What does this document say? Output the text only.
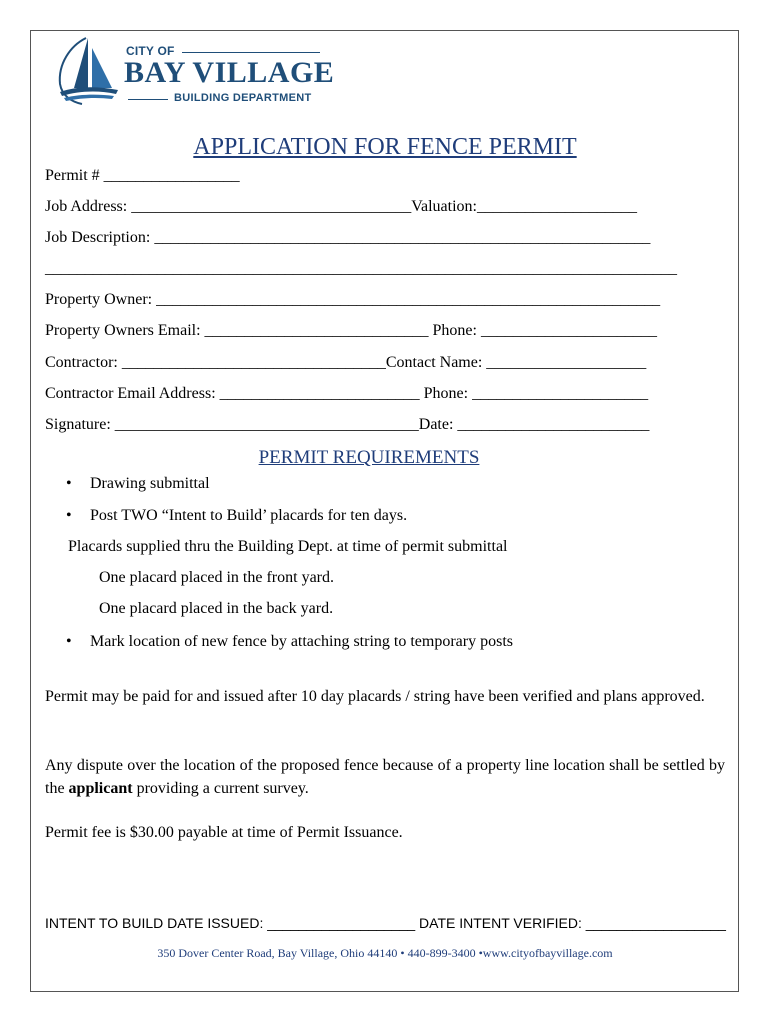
CITY OF
BAY VILLAGE
BUILDING DEPARTMENT
APPLICATION FOR FENCE PERMIT
Permit # _________________
Job Address: ___________________________________Valuation:____________________
Job Description: ______________________________________________________________
_______________________________________________________________________________
Property Owner: _______________________________________________________________
Property Owners Email: ____________________________ Phone: ______________________
Contractor: _________________________________Contact Name: ____________________
Contractor Email Address: _________________________ Phone: ______________________
Signature: ______________________________________Date: ________________________
PERMIT REQUIREMENTS
• Drawing submittal
• Post TWO “Intent to Build’ placards for ten days.
Placards supplied thru the Building Dept. at time of permit submittal
One placard placed in the front yard.
One placard placed in the back yard.
• Mark location of new fence by attaching string to temporary posts
Permit may be paid for and issued after 10 day placards / string have been verified and plans approved.
Any dispute over the location of the proposed fence because of a property line location shall be settled by the applicant providing a current survey.
Permit fee is $30.00 payable at time of Permit Issuance.
INTENT TO BUILD DATE ISSUED: ___________________ DATE INTENT VERIFIED: __________________
350 Dover Center Road, Bay Village, Ohio 44140 • 440-899-3400 •www.cityofbayvillage.com
